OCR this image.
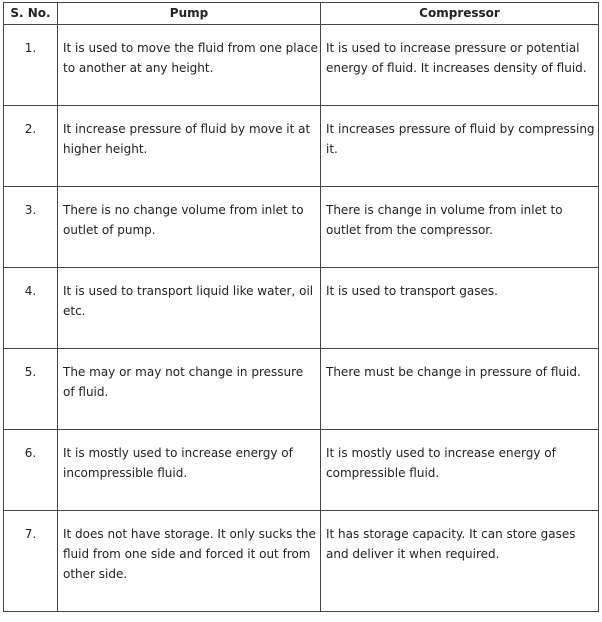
S. No.	Pump	Compressor
1.	It is used to move the fluid from one place to another at any height.	It is used to increase pressure or potential energy of fluid. It increases density of fluid.
2.	It increase pressure of fluid by move it at higher height.	It increases pressure of fluid by compressing it.
3.	There is no change volume from inlet to outlet of pump.	There is change in volume from inlet to outlet from the compressor.
4.	It is used to transport liquid like water, oil etc.	It is used to transport gases.
5.	The may or may not change in pressure of fluid.	There must be change in pressure of fluid.
6.	It is mostly used to increase energy of incompressible fluid.	It is mostly used to increase energy of compressible fluid.
7.	It does not have storage. It only sucks the fluid from one side and forced it out from other side.	It has storage capacity. It can store gases and deliver it when required.
